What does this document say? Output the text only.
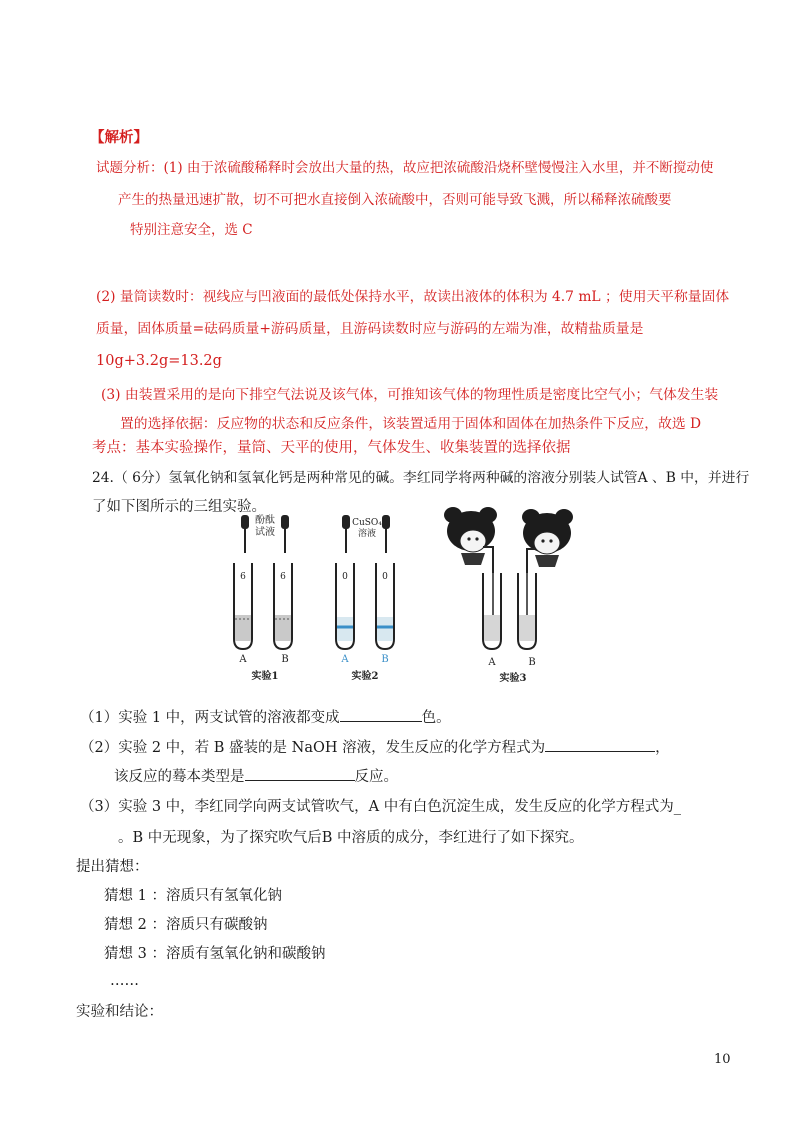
【解析】
试题分析：(1) 由于浓硫酸稀释时会放出大量的热，故应把浓硫酸沿烧杯壁慢慢注入水里，并不断搅动使
产生的热量迅速扩散，切不可把水直接倒入浓硫酸中，否则可能导致飞溅，所以稀释浓硫酸要
特别注意安全，选 C
(2) 量筒读数时：视线应与凹液面的最低处保持水平，故读出液体的体积为 4.7 mL ；使用天平称量固体
质量，固体质量=砝码质量+游码质量，且游码读数时应与游码的左端为准，故精盐质量是
10g+3.2g=13.2g
(3) 由装置采用的是向下排空气法说及该气体，可推知该气体的物理性质是密度比空气小；气体发生装
置的选择依据：反应物的状态和反应条件，该装置适用于固体和固体在加热条件下反应，故选 D
考点：基本实验操作，量筒、天平的使用，气体发生、收集装置的选择依据
24.（ 6分）氢氧化钠和氢氧化钙是两种常见的碱。李红同学将两种碱的溶液分别装人试管A 、B 中，并进行
了如下图所示的三组实验。
酚酞
试液
6	6
A	B
实验1
CuSO₄
溶液
0	0
A	B
实验2
A	B
实验3
（1）实验 1 中，两支试管的溶液都变成	色。
（2）实验 2 中，若 B 盛装的是 NaOH 溶液，发生反应的化学方程式为	，
该反应的蓦本类型是	反应。
（3）实验 3 中，李红同学向两支试管吹气，A 中有白色沉淀生成，发生反应的化学方程式为_
。B 中无现象，为了探究吹气后B 中溶质的成分，李红进行了如下探究。
提出猜想：
猜想 1 ：溶质只有氢氧化钠
猜想 2 ：溶质只有碳酸钠
猜想 3 ：溶质有氢氧化钠和碳酸钠
……
实验和结论：
10
